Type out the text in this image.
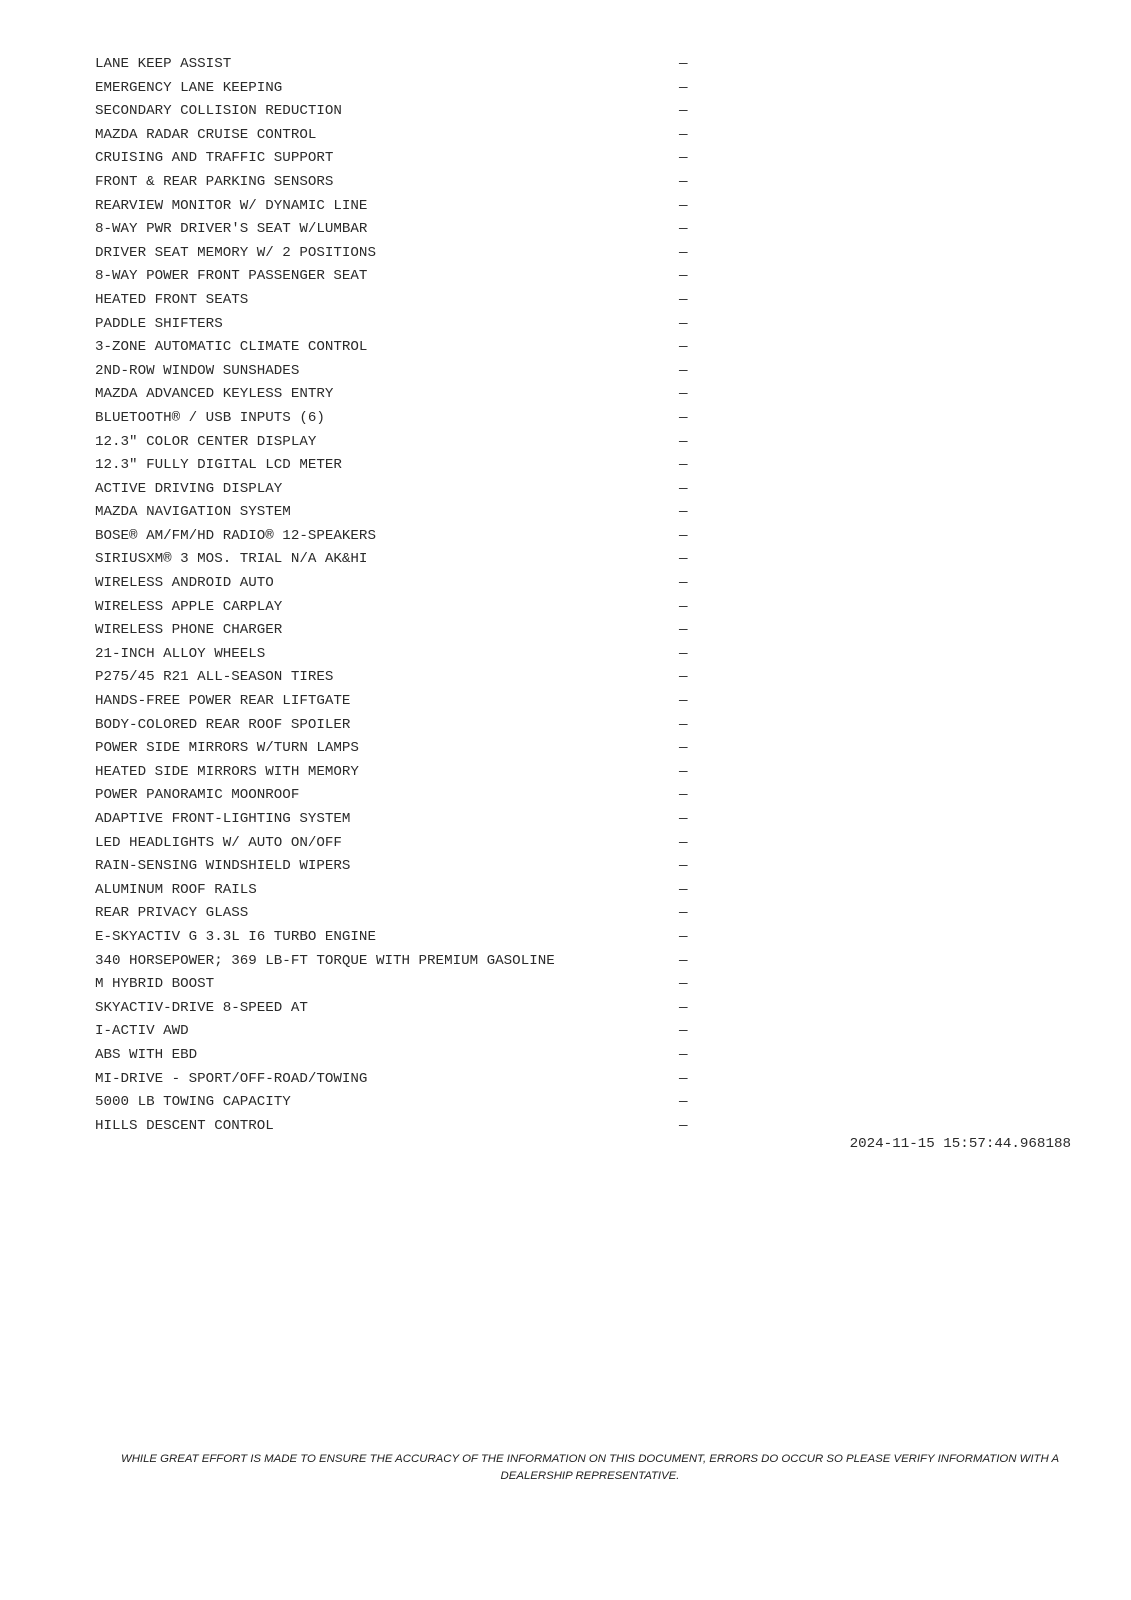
LANE KEEP ASSIST	—
EMERGENCY LANE KEEPING	—
SECONDARY COLLISION REDUCTION	—
MAZDA RADAR CRUISE CONTROL	—
CRUISING AND TRAFFIC SUPPORT	—
FRONT & REAR PARKING SENSORS	—
REARVIEW MONITOR W/ DYNAMIC LINE	—
8-WAY PWR DRIVER'S SEAT W/LUMBAR	—
DRIVER SEAT MEMORY W/ 2 POSITIONS	—
8-WAY POWER FRONT PASSENGER SEAT	—
HEATED FRONT SEATS	—
PADDLE SHIFTERS	—
3-ZONE AUTOMATIC CLIMATE CONTROL	—
2ND-ROW WINDOW SUNSHADES	—
MAZDA ADVANCED KEYLESS ENTRY	—
BLUETOOTH® / USB INPUTS (6)	—
12.3" COLOR CENTER DISPLAY	—
12.3" FULLY DIGITAL LCD METER	—
ACTIVE DRIVING DISPLAY	—
MAZDA NAVIGATION SYSTEM	—
BOSE® AM/FM/HD RADIO® 12-SPEAKERS	—
SIRIUSXM® 3 MOS. TRIAL N/A AK&HI	—
WIRELESS ANDROID AUTO	—
WIRELESS APPLE CARPLAY	—
WIRELESS PHONE CHARGER	—
21-INCH ALLOY WHEELS	—
P275/45 R21 ALL-SEASON TIRES	—
HANDS-FREE POWER REAR LIFTGATE	—
BODY-COLORED REAR ROOF SPOILER	—
POWER SIDE MIRRORS W/TURN LAMPS	—
HEATED SIDE MIRRORS WITH MEMORY	—
POWER PANORAMIC MOONROOF	—
ADAPTIVE FRONT-LIGHTING SYSTEM	—
LED HEADLIGHTS W/ AUTO ON/OFF	—
RAIN-SENSING WINDSHIELD WIPERS	—
ALUMINUM ROOF RAILS	—
REAR PRIVACY GLASS	—
E-SKYACTIV G 3.3L I6 TURBO ENGINE	—
340 HORSEPOWER; 369 LB-FT TORQUE WITH PREMIUM GASOLINE	—
M HYBRID BOOST	—
SKYACTIV-DRIVE 8-SPEED AT	—
I-ACTIV AWD	—
ABS WITH EBD	—
MI-DRIVE - SPORT/OFF-ROAD/TOWING	—
5000 LB TOWING CAPACITY	—
HILLS DESCENT CONTROL	—
2024-11-15 15:57:44.968188
WHILE GREAT EFFORT IS MADE TO ENSURE THE ACCURACY OF THE INFORMATION ON THIS DOCUMENT, ERRORS DO OCCUR SO PLEASE VERIFY INFORMATION WITH A DEALERSHIP REPRESENTATIVE.
